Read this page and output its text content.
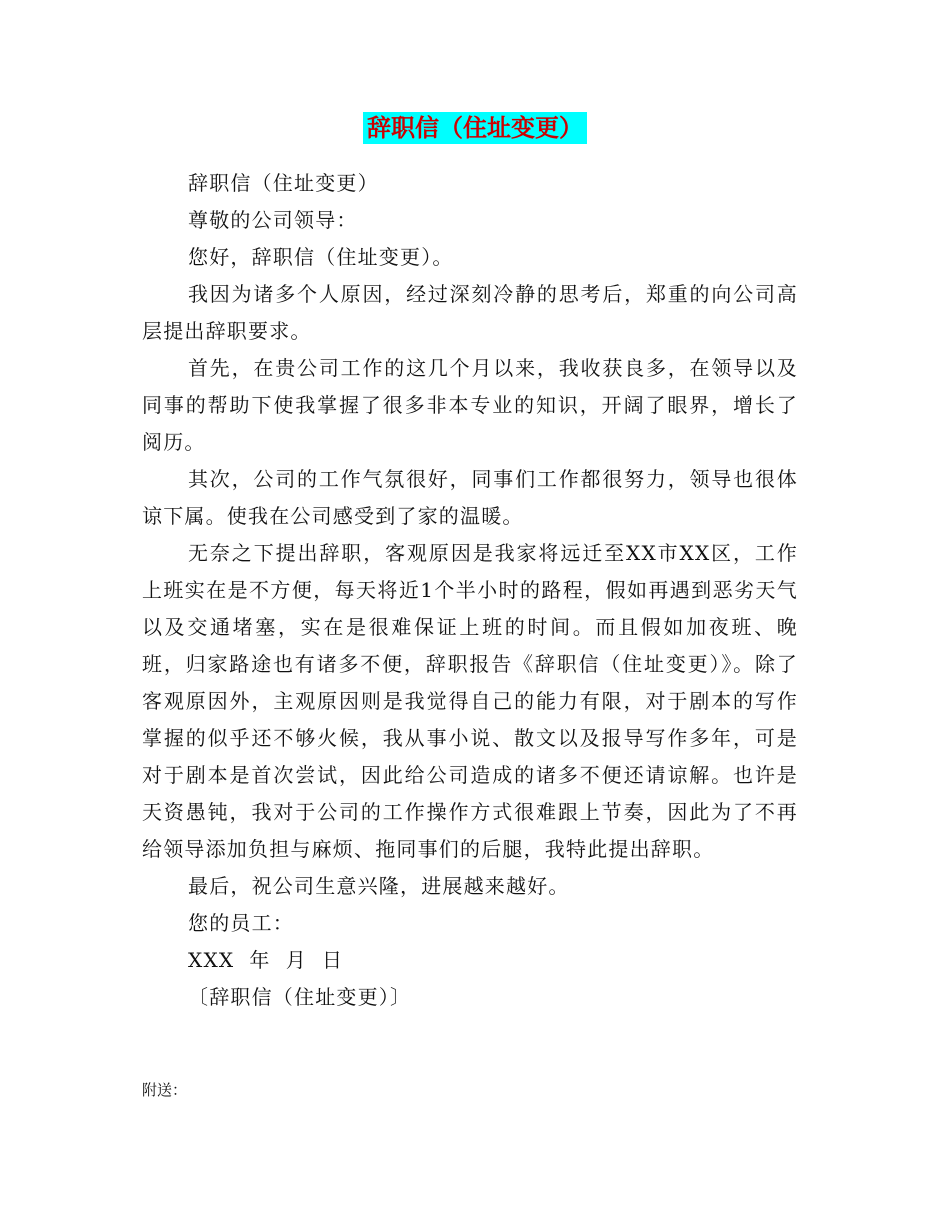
辞职信（住址变更）

辞职信（住址变更）

尊敬的公司领导：

您好，辞职信（住址变更）。

我因为诸多个人原因，经过深刻冷静的思考后，郑重的向公司高层提出辞职要求。

首先，在贵公司工作的这几个月以来，我收获良多，在领导以及同事的帮助下使我掌握了很多非本专业的知识，开阔了眼界，增长了阅历。

其次，公司的工作气氛很好，同事们工作都很努力，领导也很体谅下属。使我在公司感受到了家的温暖。

无奈之下提出辞职，客观原因是我家将远迁至XX市XX区，工作上班实在是不方便，每天将近1个半小时的路程，假如再遇到恶劣天气以及交通堵塞，实在是很难保证上班的时间。而且假如加夜班、晚班，归家路途也有诸多不便，辞职报告《辞职信（住址变更）》。除了客观原因外，主观原因则是我觉得自己的能力有限，对于剧本的写作掌握的似乎还不够火候，我从事小说、散文以及报导写作多年，可是对于剧本是首次尝试，因此给公司造成的诸多不便还请谅解。也许是天资愚钝，我对于公司的工作操作方式很难跟上节奏，因此为了不再给领导添加负担与麻烦、拖同事们的后腿，我特此提出辞职。

最后，祝公司生意兴隆，进展越来越好。

您的员工：

XXX  年  月  日

〔辞职信（住址变更）〕

附送：
